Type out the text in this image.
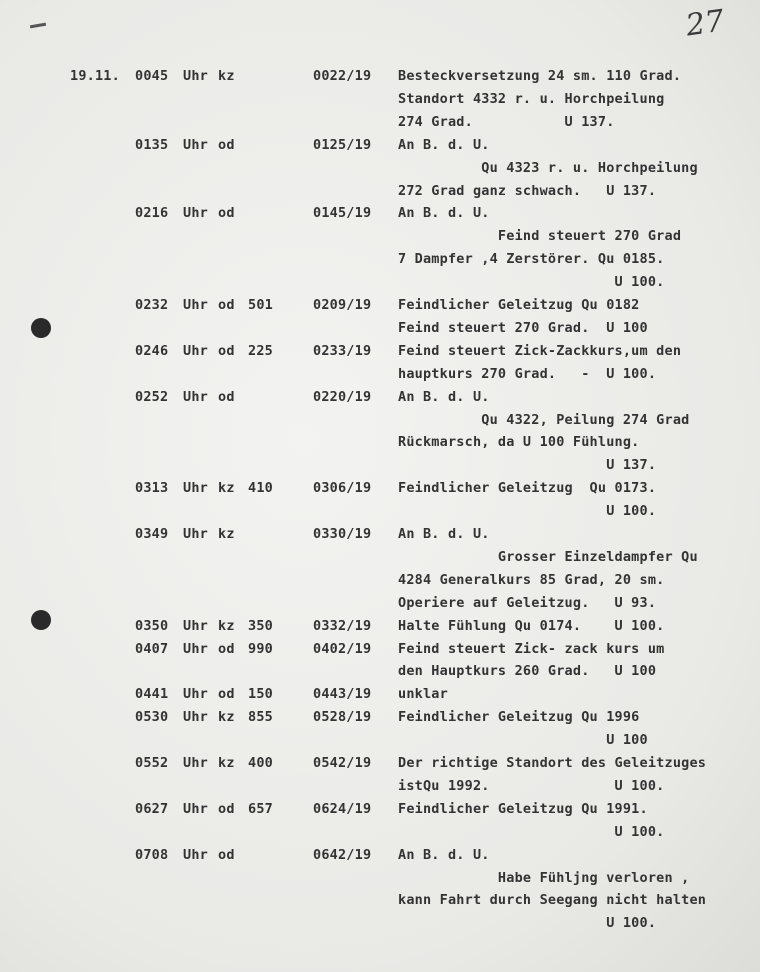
27
19.11. 0045 Uhr kz	0022/19 Besteckversetzung 24 sm. 110 Grad.
Standort 4332 r. u. Horchpeilung
274 Grad.           U 137.
0135 Uhr od	0125/19 An B. d. U.
Qu 4323 r. u. Horchpeilung
272 Grad ganz schwach.   U 137.
0216 Uhr od	0145/19 An B. d. U.
Feind steuert 270 Grad
7 Dampfer ,4 Zerstörer. Qu 0185.
U 100.
0232 Uhr od 501	0209/19 Feindlicher Geleitzug Qu 0182
Feind steuert 270 Grad.  U 100
0246 Uhr od 225	0233/19 Feind steuert Zick-Zackkurs,um den
hauptkurs 270 Grad.   -  U 100.
0252 Uhr od	0220/19 An B. d. U.
Qu 4322, Peilung 274 Grad
Rückmarsch, da U 100 Fühlung.
U 137.
0313 Uhr kz 410	0306/19 Feindlicher Geleitzug  Qu 0173.
U 100.
0349 Uhr kz	0330/19 An B. d. U.
Grosser Einzeldampfer Qu
4284 Generalkurs 85 Grad, 20 sm.
Operiere auf Geleitzug.   U 93.
0350 Uhr kz 350	0332/19 Halte Fühlung Qu 0174.    U 100.
0407 Uhr od 990	0402/19 Feind steuert Zick- zack kurs um
den Hauptkurs 260 Grad.   U 100
0441 Uhr od 150	0443/19 unklar
0530 Uhr kz 855	0528/19 Feindlicher Geleitzug Qu 1996
U 100
0552 Uhr kz 400	0542/19 Der richtige Standort des Geleitzuges
istQu 1992.               U 100.
0627 Uhr od 657	0624/19 Feindlicher Geleitzug Qu 1991.
U 100.
0708 Uhr od	0642/19 An B. d. U.
Habe Fühljng verloren ,
kann Fahrt durch Seegang nicht halten
U 100.
